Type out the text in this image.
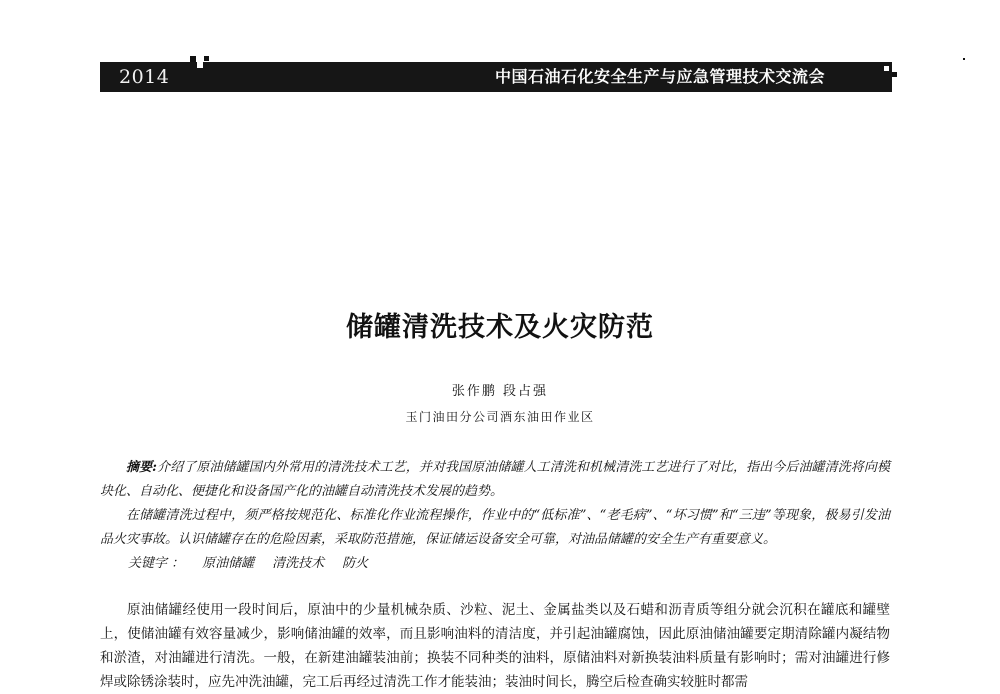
2014	中国石油石化安全生产与应急管理技术交流会
储罐清洗技术及火灾防范
张作鹏 段占强
玉门油田分公司酒东油田作业区
摘要:介绍了原油储罐国内外常用的清洗技术工艺，并对我国原油储罐人工清洗和机械清洗工艺进行了对比，指出今后油罐清洗将向模块化、自动化、便捷化和设备国产化的油罐自动清洗技术发展的趋势。
在储罐清洗过程中，须严格按规范化、标准化作业流程操作，作业中的“低标准”、“老毛病”、“坏习惯”和“三违”等现象，极易引发油品火灾事故。认识储罐存在的危险因素，采取防范措施，保证储运设备安全可靠，对油品储罐的安全生产有重要意义。
关键字 ： 原油储罐 清洗技术 防火
原油储罐经使用一段时间后，原油中的少量机械杂质、沙粒、泥土、金属盐类以及石蜡和沥青质等组分就会沉积在罐底和罐壁上，使储油罐有效容量减少，影响储油罐的效率，而且影响油料的清洁度，并引起油罐腐蚀，因此原油储油罐要定期清除罐内凝结物和淤渣，对油罐进行清洗。一般，在新建油罐装油前；换装不同种类的油料，原储油料对新换装油料质量有影响时；需对油罐进行修焊或除锈涂装时，应先冲洗油罐，完工后再经过清洗工作才能装油；装油时间长，腾空后检查确实较脏时都需
